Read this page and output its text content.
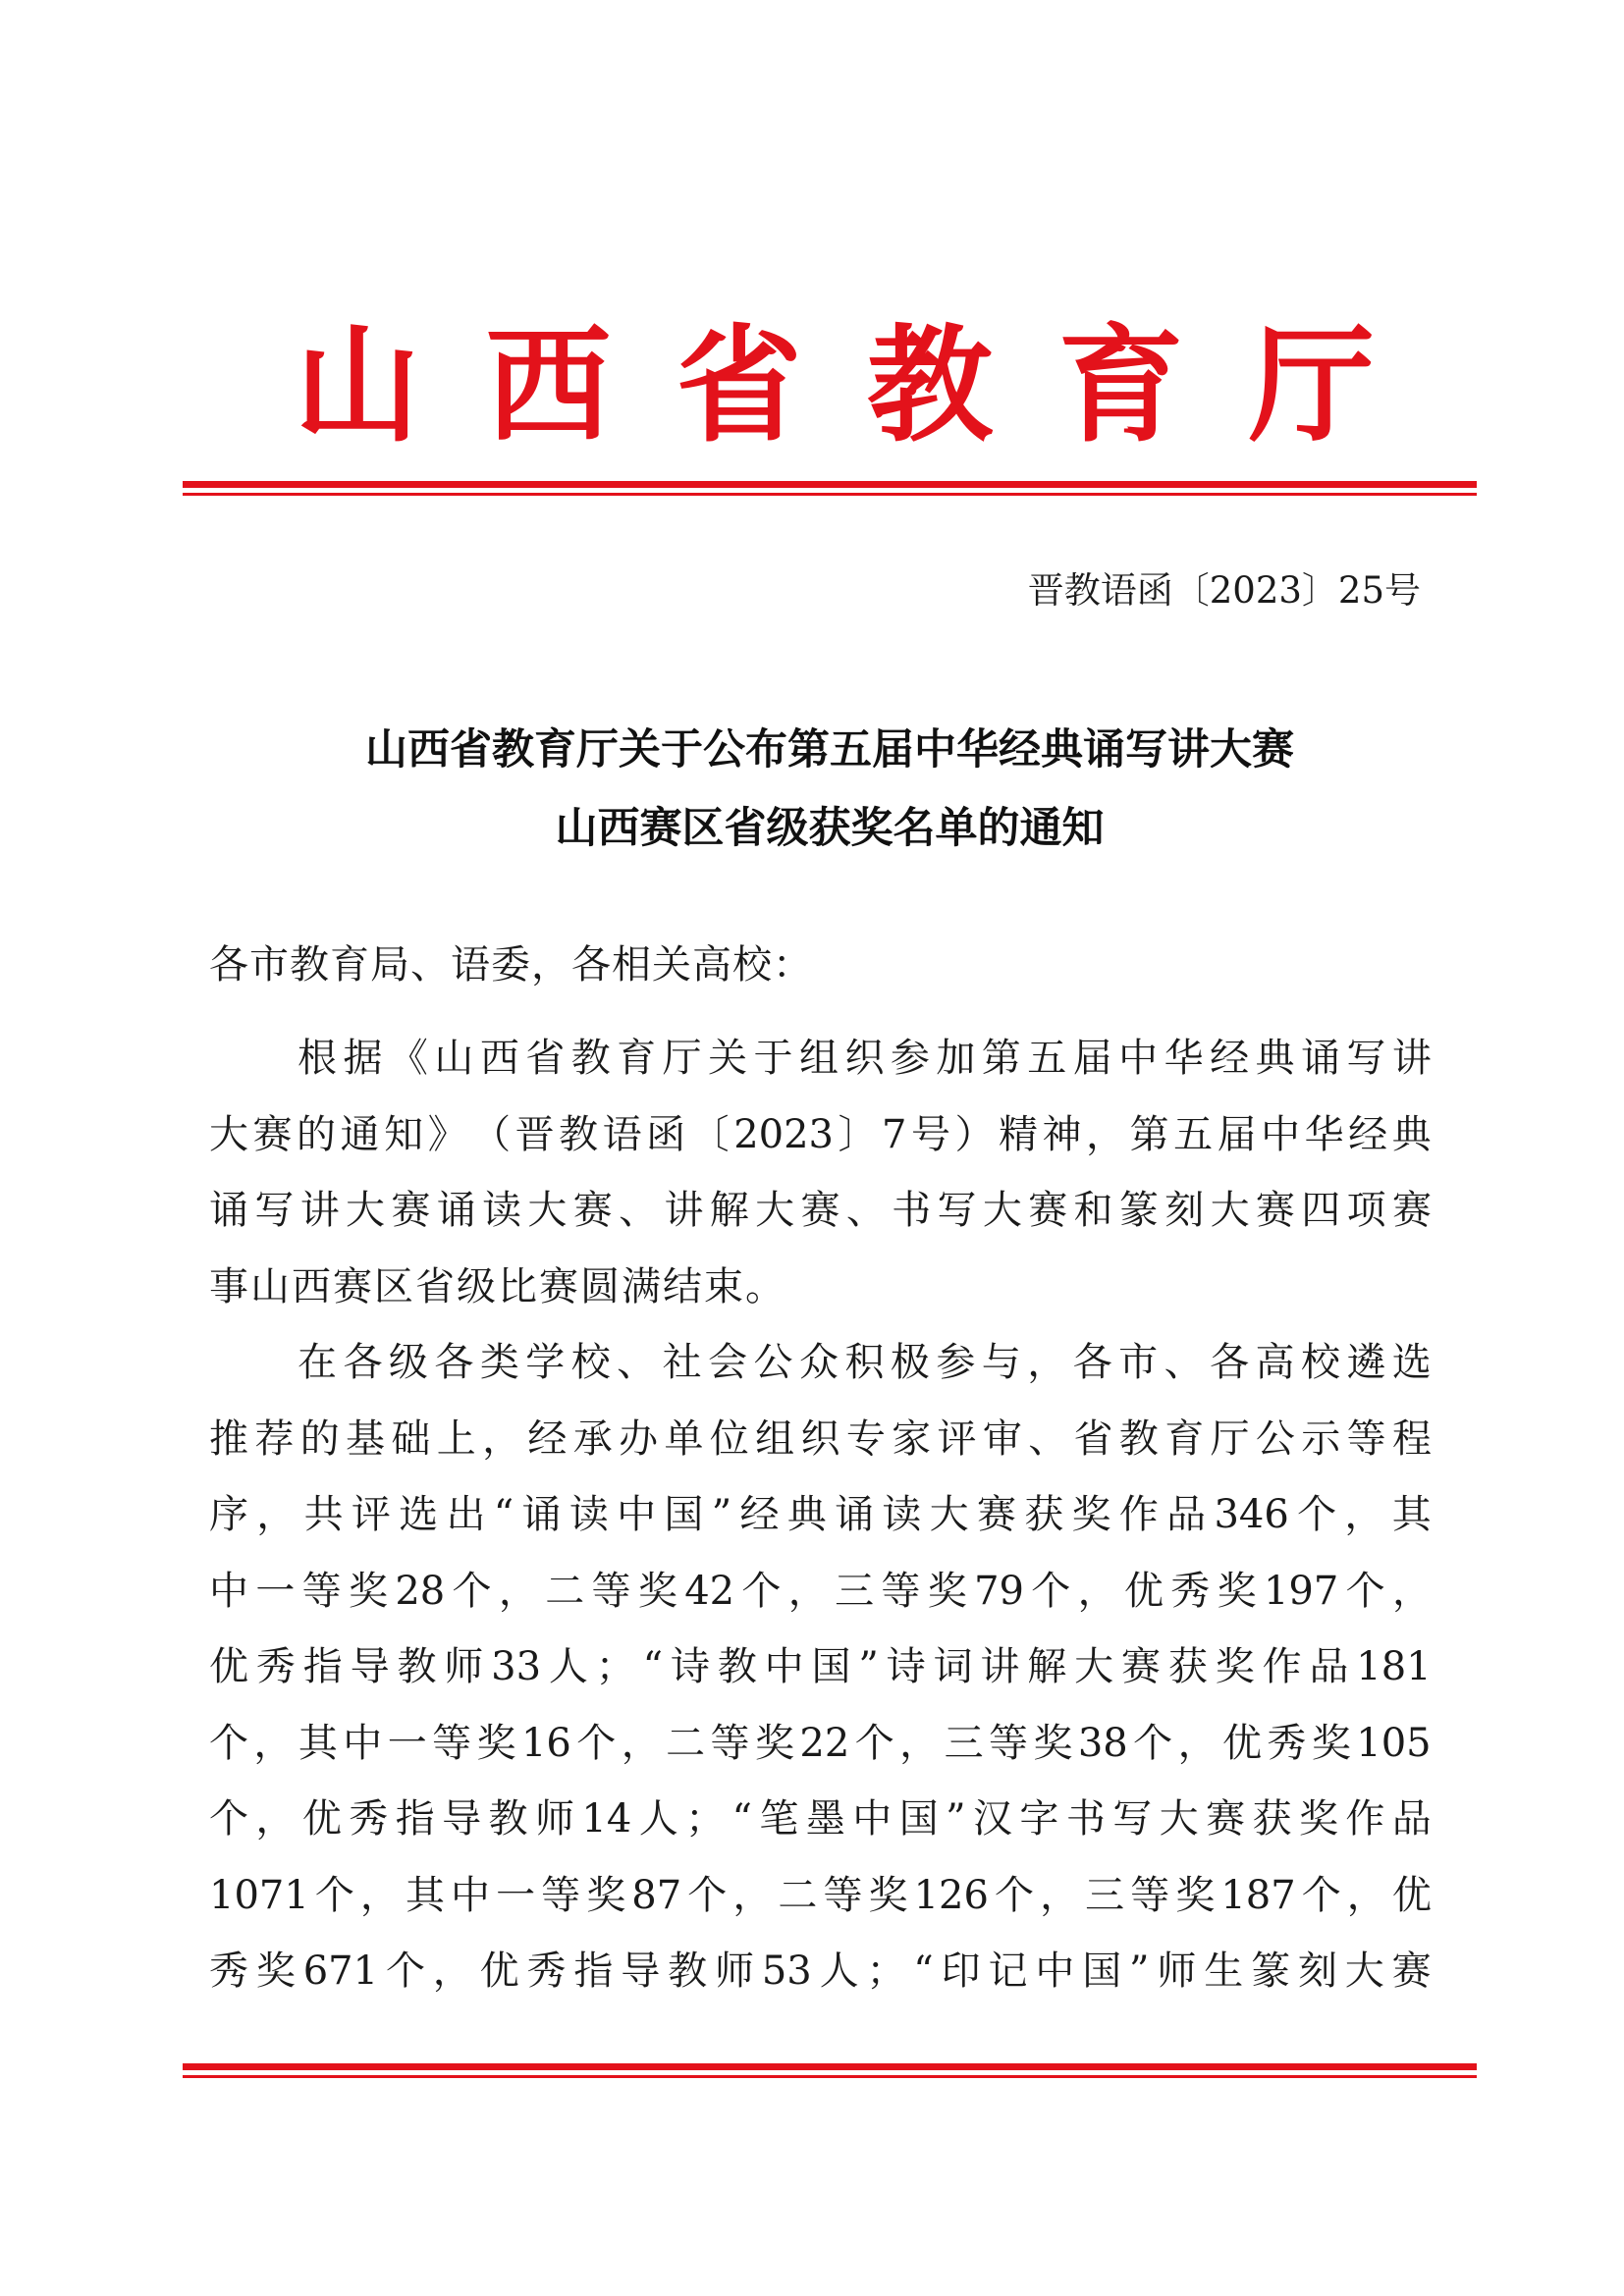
山 西 省 教 育 厅
晋教语函〔2023〕25号
山西省教育厅关于公布第五届中华经典诵写讲大赛
山西赛区省级获奖名单的通知
各市教育局、语委，各相关高校：
根 据 《 山 西 省 教 育 厅 关 于 组 织 参 加 第 五 届 中 华 经 典 诵 写 讲
大 赛 的 通 知 》 （ 晋 教 语 函 〔 2023 〕 7 号 ） 精 神 ， 第 五 届 中 华 经 典
诵 写 讲 大 赛 诵 读 大 赛 、 讲 解 大 赛 、 书 写 大 赛 和 篆 刻 大 赛 四 项 赛
事山西赛区省级比赛圆满结束。
在 各 级 各 类 学 校 、 社 会 公 众 积 极 参 与 ， 各 市 、 各 高 校 遴 选
推 荐 的 基 础 上 ， 经 承 办 单 位 组 织 专 家 评 审 、 省 教 育 厅 公 示 等 程
序 ， 共 评 选 出 “ 诵 读 中 国 ” 经 典 诵 读 大 赛 获 奖 作 品 346 个 ， 其
中 一 等 奖 28 个 ， 二 等 奖 42 个 ， 三 等 奖 79 个 ， 优 秀 奖 197 个 ，
优 秀 指 导 教 师 33 人 ； “ 诗 教 中 国 ” 诗 词 讲 解 大 赛 获 奖 作 品 181
个 ， 其 中 一 等 奖 16 个 ， 二 等 奖 22 个 ， 三 等 奖 38 个 ， 优 秀 奖 105
个 ， 优 秀 指 导 教 师 14 人 ； “ 笔 墨 中 国 ” 汉 字 书 写 大 赛 获 奖 作 品
1071 个 ， 其 中 一 等 奖 87 个 ， 二 等 奖 126 个 ， 三 等 奖 187 个 ， 优
秀 奖 671 个 ， 优 秀 指 导 教 师 53 人 ； “ 印 记 中 国 ” 师 生 篆 刻 大 赛
